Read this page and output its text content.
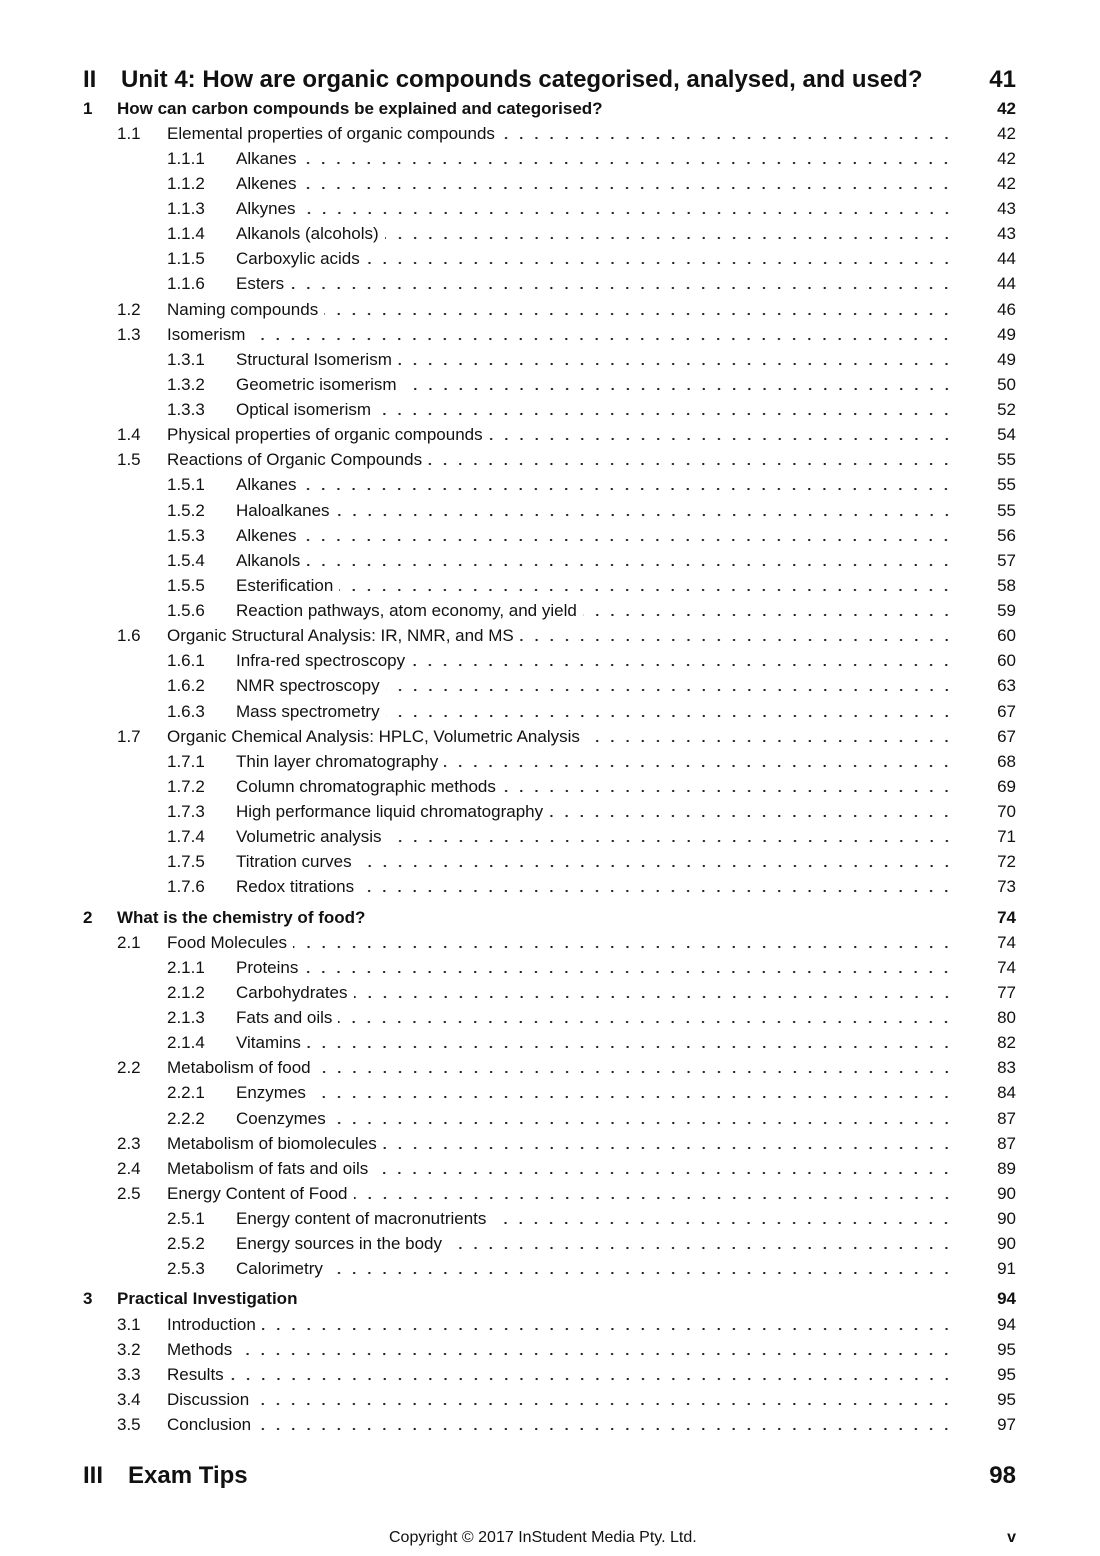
II	Unit 4: How are organic compounds categorised, analysed, and used?	41
1	How can carbon compounds be explained and categorised?	42
1.1	Elemental properties of organic compounds	42
1.1.1	Alkanes	42
1.1.2	Alkenes	42
1.1.3	Alkynes	43
1.1.4	Alkanols (alcohols)	43
1.1.5	Carboxylic acids	44
1.1.6	Esters	44
1.2	Naming compounds	46
1.3	Isomerism	49
1.3.1	Structural Isomerism	49
1.3.2	Geometric isomerism	50
1.3.3	Optical isomerism	52
1.4	Physical properties of organic compounds	54
1.5	Reactions of Organic Compounds	55
1.5.1	Alkanes	55
1.5.2	Haloalkanes	55
1.5.3	Alkenes	56
1.5.4	Alkanols	57
1.5.5	Esterification	58
1.5.6	Reaction pathways, atom economy, and yield	59
1.6	Organic Structural Analysis: IR, NMR, and MS	60
1.6.1	Infra-red spectroscopy	60
1.6.2	NMR spectroscopy	63
1.6.3	Mass spectrometry	67
1.7	Organic Chemical Analysis: HPLC, Volumetric Analysis	67
1.7.1	Thin layer chromatography	68
1.7.2	Column chromatographic methods	69
1.7.3	High performance liquid chromatography	70
1.7.4	Volumetric analysis	71
1.7.5	Titration curves	72
1.7.6	Redox titrations	73
2	What is the chemistry of food?	74
2.1	Food Molecules	74
2.1.1	Proteins	74
2.1.2	Carbohydrates	77
2.1.3	Fats and oils	80
2.1.4	Vitamins	82
2.2	Metabolism of food	83
2.2.1	Enzymes	84
2.2.2	Coenzymes	87
2.3	Metabolism of biomolecules	87
2.4	Metabolism of fats and oils	89
2.5	Energy Content of Food	90
2.5.1	Energy content of macronutrients	90
2.5.2	Energy sources in the body	90
2.5.3	Calorimetry	91
3	Practical Investigation	94
3.1	Introduction	94
3.2	Methods	95
3.3	Results	95
3.4	Discussion	95
3.5	Conclusion	97
III	Exam Tips	98
Copyright © 2017 InStudent Media Pty. Ltd.	v
